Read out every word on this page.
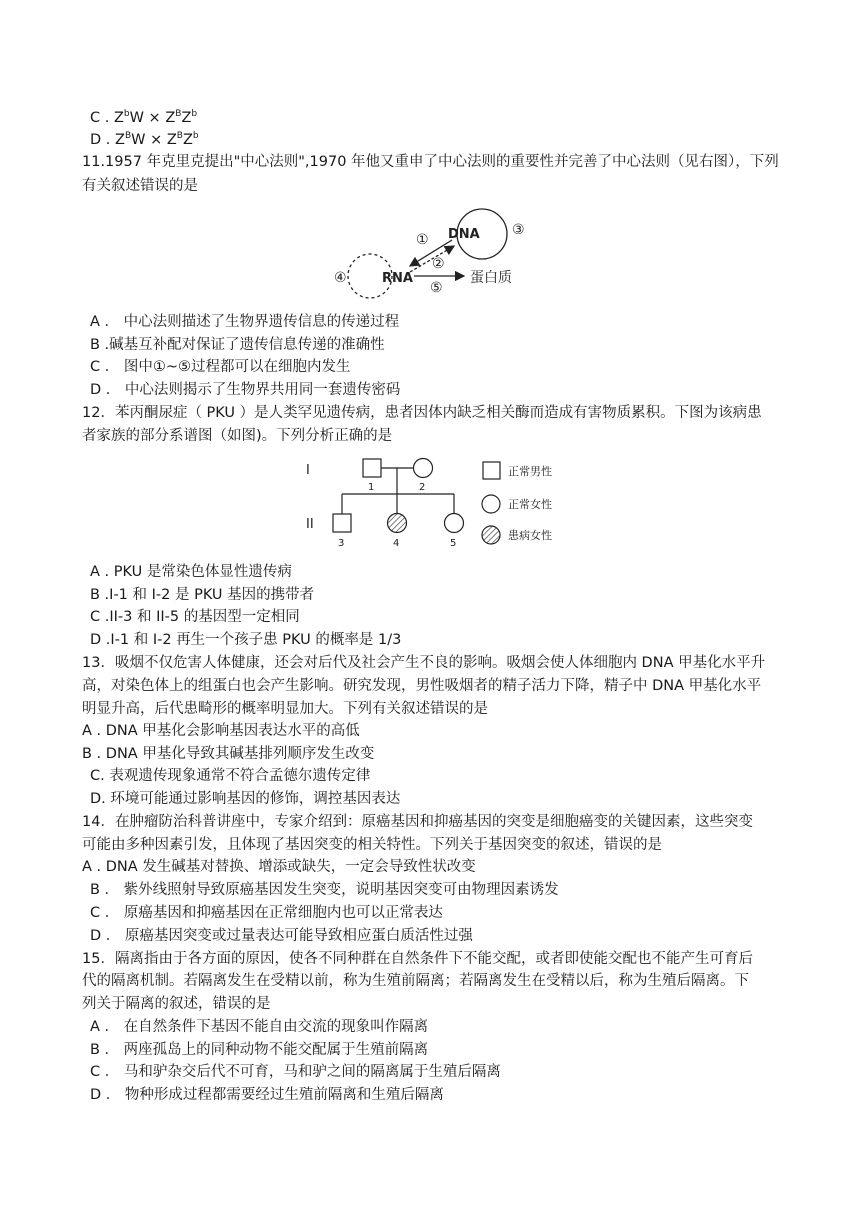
C . $Z^bW \times Z^BZ^b$
D . $Z^BW \times Z^BZ^b$
11.1957 年克里克提出"中心法则",1970 年他又重申了中心法则的重要性并完善了中心法则（见右图），下列
有关叙述错误的是
DNA
RNA	蛋白质
①
②
③
④
⑤
A ． 中心法则描述了生物界遗传信息的传递过程
B .碱基互补配对保证了遗传信息传递的准确性
C ． 图中①~⑤过程都可以在细胞内发生
D ． 中心法则揭示了生物界共用同一套遗传密码
12．苯丙酮尿症（ PKU ）是人类罕见遗传病，患者因体内缺乏相关酶而造成有害物质累积。下图为该病患
者家族的部分系谱图（如图)。下列分析正确的是
I
II
1	2
3	4	5
正常男性
正常女性
患病女性
A . PKU 是常染色体显性遗传病
B .I-1 和 I-2 是 PKU 基因的携带者
C .II-3 和 II-5 的基因型一定相同
D .I-1 和 I-2 再生一个孩子患 PKU 的概率是 1/3
13．吸烟不仅危害人体健康，还会对后代及社会产生不良的影响。吸烟会使人体细胞内 DNA 甲基化水平升
高，对染色体上的组蛋白也会产生影响。研究发现，男性吸烟者的精子活力下降，精子中 DNA 甲基化水平
明显升高，后代患畸形的概率明显加大。下列有关叙述错误的是
A . DNA 甲基化会影响基因表达水平的高低
B . DNA 甲基化导致其碱基排列顺序发生改变
C. 表观遗传现象通常不符合孟德尔遗传定律
D. 环境可能通过影响基因的修饰，调控基因表达
14．在肿瘤防治科普讲座中，专家介绍到：原癌基因和抑癌基因的突变是细胞癌变的关键因素，这些突变
可能由多种因素引发，且体现了基因突变的相关特性。下列关于基因突变的叙述，错误的是
A . DNA 发生碱基对替换、增添或缺失，一定会导致性状改变
B ． 紫外线照射导致原癌基因发生突变，说明基因突变可由物理因素诱发
C ． 原癌基因和抑癌基因在正常细胞内也可以正常表达
D ． 原癌基因突变或过量表达可能导致相应蛋白质活性过强
15．隔离指由于各方面的原因，使各不同种群在自然条件下不能交配，或者即使能交配也不能产生可育后
代的隔离机制。若隔离发生在受精以前，称为生殖前隔离；若隔离发生在受精以后，称为生殖后隔离。下
列关于隔离的叙述，错误的是
A ． 在自然条件下基因不能自由交流的现象叫作隔离
B ． 两座孤岛上的同种动物不能交配属于生殖前隔离
C ． 马和驴杂交后代不可育，马和驴之间的隔离属于生殖后隔离
D ． 物种形成过程都需要经过生殖前隔离和生殖后隔离
